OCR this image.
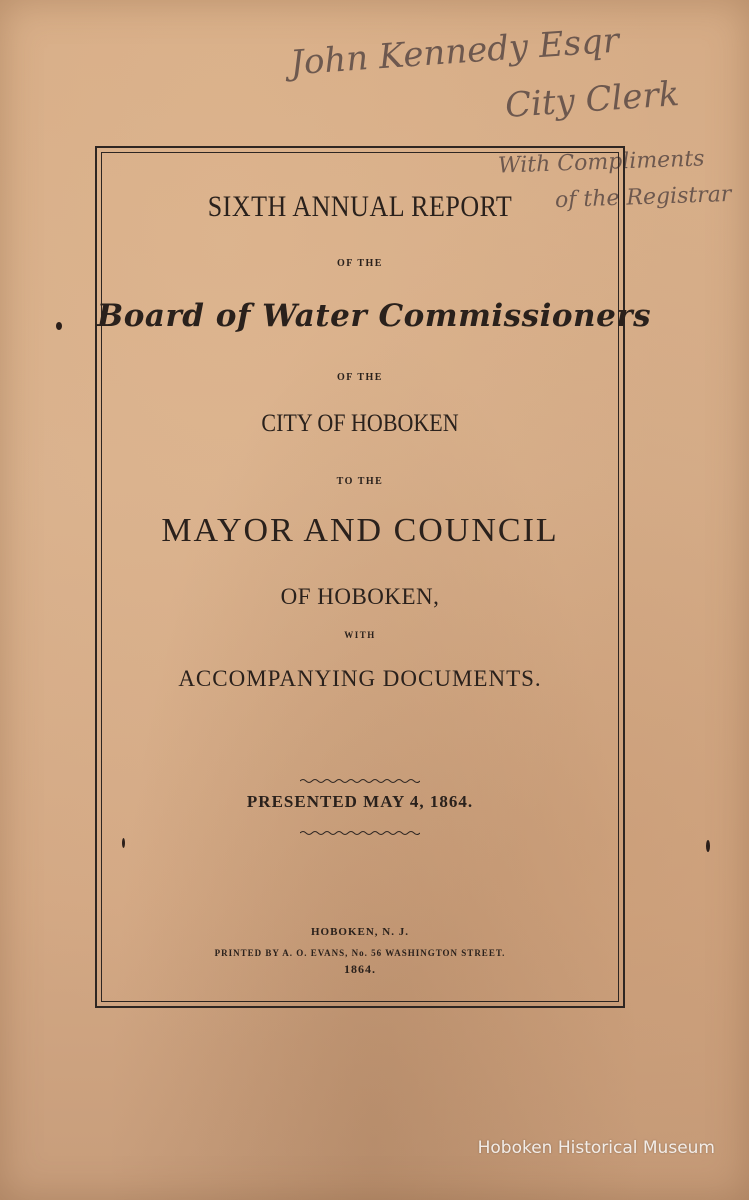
John Kennedy Esqr
City Clerk
With Compliments
of the Registrar
SIXTH ANNUAL REPORT
OF THE
Board of Water Commissioners
OF THE
CITY OF HOBOKEN
TO THE
MAYOR AND COUNCIL
OF HOBOKEN,
WITH
ACCOMPANYING DOCUMENTS.
PRESENTED MAY 4, 1864.
HOBOKEN, N. J.
PRINTED BY A. O. EVANS, No. 56 WASHINGTON STREET.
1864.
Hoboken Historical Museum
